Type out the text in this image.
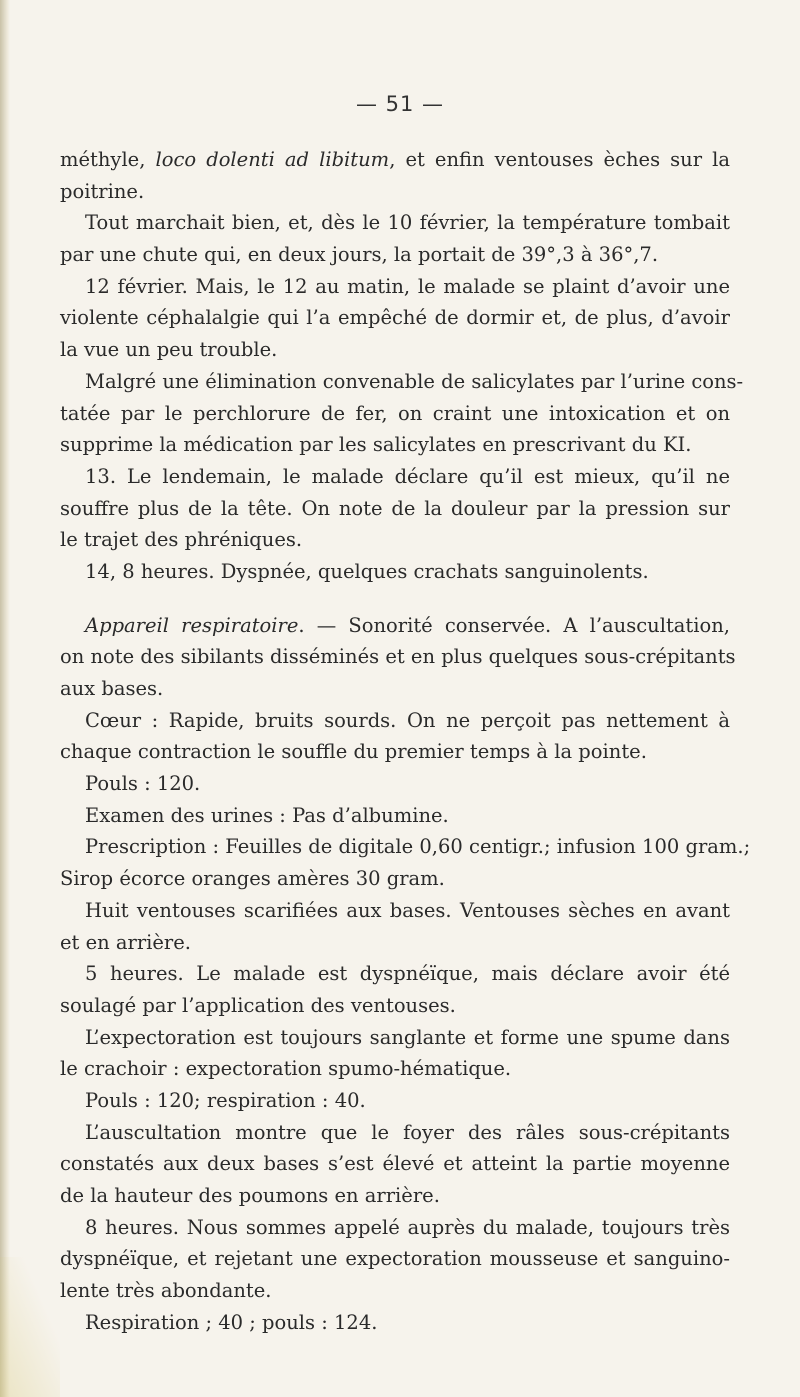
— 51 —
méthyle, loco dolenti ad libitum, et enfin ventouses èches sur la
poitrine.
Tout marchait bien, et, dès le 10 février, la température tombait
par une chute qui, en deux jours, la portait de 39°,3 à 36°,7.
12 février. Mais, le 12 au matin, le malade se plaint d’avoir une
violente céphalalgie qui l’a empêché de dormir et, de plus, d’avoir
la vue un peu trouble.
Malgré une élimination convenable de salicylates par l’urine cons-
tatée par le perchlorure de fer, on craint une intoxication et on
supprime la médication par les salicylates en prescrivant du KI.
13. Le lendemain, le malade déclare qu’il est mieux, qu’il ne
souffre plus de la tête. On note de la douleur par la pression sur
le trajet des phréniques.
14, 8 heures. Dyspnée, quelques crachats sanguinolents.
Appareil respiratoire. — Sonorité conservée. A l’auscultation,
on note des sibilants disséminés et en plus quelques sous-crépitants
aux bases.
Cœur : Rapide, bruits sourds. On ne perçoit pas nettement à
chaque contraction le souffle du premier temps à la pointe.
Pouls : 120.
Examen des urines : Pas d’albumine.
Prescription : Feuilles de digitale 0,60 centigr.; infusion 100 gram.;
Sirop écorce oranges amères 30 gram.
Huit ventouses scarifiées aux bases. Ventouses sèches en avant
et en arrière.
5 heures. Le malade est dyspnéïque, mais déclare avoir été
soulagé par l’application des ventouses.
L’expectoration est toujours sanglante et forme une spume dans
le crachoir : expectoration spumo-hématique.
Pouls : 120; respiration : 40.
L’auscultation montre que le foyer des râles sous-crépitants
constatés aux deux bases s’est élevé et atteint la partie moyenne
de la hauteur des poumons en arrière.
8 heures. Nous sommes appelé auprès du malade, toujours très
dyspnéïque, et rejetant une expectoration mousseuse et sanguino-
lente très abondante.
Respiration ; 40 ; pouls : 124.
